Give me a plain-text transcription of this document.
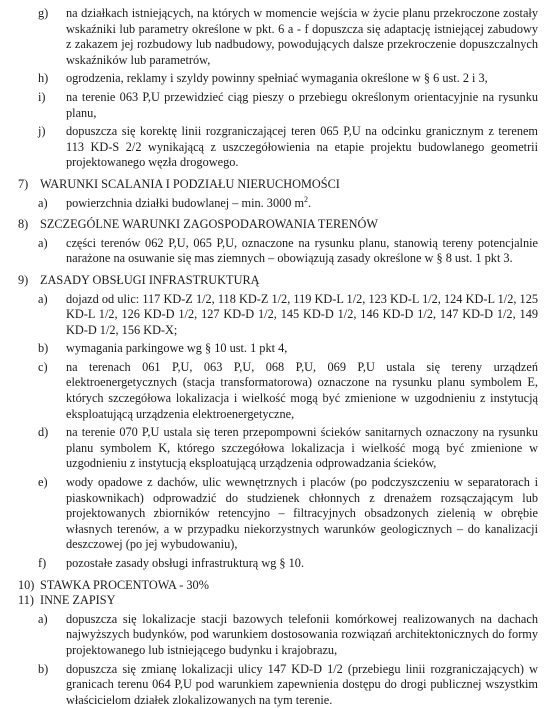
g) na działkach istniejących, na których w momencie wejścia w życie planu przekroczone zostały wskaźniki lub parametry określone w pkt. 6 a - f dopuszcza się adaptację istniejącej zabudowy z zakazem jej rozbudowy lub nadbudowy, powodujących dalsze przekroczenie dopuszczalnych wskaźników lub parametrów,
h) ogrodzenia, reklamy i szyldy powinny spełniać wymagania określone w § 6 ust. 2 i 3,
i) na terenie 063 P,U przewidzieć ciąg pieszy o przebiegu określonym orientacyjnie na rysunku planu,
j) dopuszcza się korektę linii rozgraniczającej teren 065 P,U na odcinku granicznym z terenem 113 KD-S 2/2 wynikającą z uszczegółowienia na etapie projektu budowlanego geometrii projektowanego węzła drogowego.
7) WARUNKI SCALANIA I PODZIAŁU NIERUCHOMOŚCI
a) powierzchnia działki budowlanej – min. 3000 $m^2$.
8) SZCZEGÓLNE WARUNKI ZAGOSPODAROWANIA TERENÓW
a) części terenów 062 P,U, 065 P,U, oznaczone na rysunku planu, stanowią tereny potencjalnie narażone na osuwanie się mas ziemnych – obowiązują zasady określone w § 8 ust. 1 pkt 3.
9) ZASADY OBSŁUGI INFRASTRUKTURĄ
a) dojazd od ulic: 117 KD-Z 1/2, 118 KD-Z 1/2, 119 KD-L 1/2, 123 KD-L 1/2, 124 KD-L 1/2, 125 KD-L 1/2, 126 KD-D 1/2, 127 KD-D 1/2, 145 KD-D 1/2, 146 KD-D 1/2, 147 KD-D 1/2, 149 KD-D 1/2, 156 KD-X;
b) wymagania parkingowe wg § 10 ust. 1 pkt 4,
c) na terenach 061 P,U, 063 P,U, 068 P,U, 069 P,U ustala się tereny urządzeń elektroenergetycznych (stacja transformatorowa) oznaczone na rysunku planu symbolem E, których szczegółowa lokalizacja i wielkość mogą być zmienione w uzgodnieniu z instytucją eksploatującą urządzenia elektroenergetyczne,
d) na terenie 070 P,U ustala się teren przepompowni ścieków sanitarnych oznaczony na rysunku planu symbolem K, którego szczegółowa lokalizacja i wielkość mogą być zmienione w uzgodnieniu z instytucją eksploatującą urządzenia odprowadzania ścieków,
e) wody opadowe z dachów, ulic wewnętrznych i placów (po podczyszczeniu w separatorach i piaskownikach) odprowadzić do studzienek chłonnych z drenażem rozsączającym lub projektowanych zbiorników retencyjno – filtracyjnych obsadzonych zielenią w obrębie własnych terenów, a w przypadku niekorzystnych warunków geologicznych – do kanalizacji deszczowej (po jej wybudowaniu),
f) pozostałe zasady obsługi infrastrukturą wg § 10.
10) STAWKA PROCENTOWA - 30%
11) INNE ZAPISY
a) dopuszcza się lokalizacje stacji bazowych telefonii komórkowej realizowanych na dachach najwyższych budynków, pod warunkiem dostosowania rozwiązań architektonicznych do formy projektowanego lub istniejącego budynku i krajobrazu,
b) dopuszcza się zmianę lokalizacji ulicy 147 KD-D 1/2 (przebiegu linii rozgraniczających) w granicach terenu 064 P,U pod warunkiem zapewnienia dostępu do drogi publicznej wszystkim właścicielom działek zlokalizowanych na tym terenie.
